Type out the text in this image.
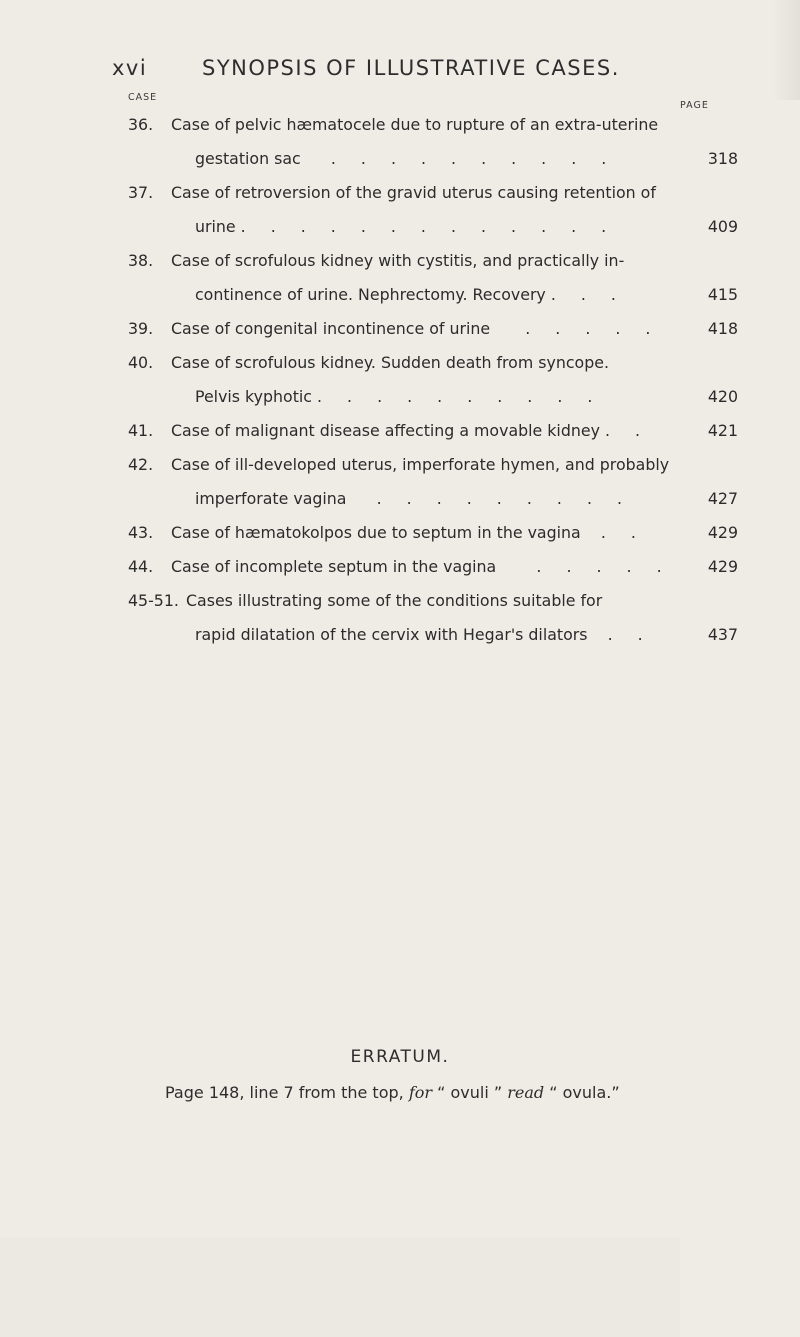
xvi	SYNOPSIS OF ILLUSTRATIVE CASES.
CASE
PAGE
36. Case of pelvic hæmatocele due to rupture of an extra-uterine
gestation sac . . . . . . . . . .	318
37. Case of retroversion of the gravid uterus causing retention of
urine . . . . . . . . . . . . .	409
38. Case of scrofulous kidney with cystitis, and practically in-
continence of urine. Nephrectomy. Recovery . . .	415
39. Case of congenital incontinence of urine . . . . .	418
40. Case of scrofulous kidney. Sudden death from syncope.
Pelvis kyphotic . . . . . . . . . .	420
41. Case of malignant disease affecting a movable kidney . .	421
42. Case of ill-developed uterus, imperforate hymen, and probably
imperforate vagina . . . . . . . . .	427
43. Case of hæmatokolpos due to septum in the vagina . .	429
44. Case of incomplete septum in the vagina	. . . . . 429
45-51. Cases illustrating some of the conditions suitable for
rapid dilatation of the cervix with Hegar's dilators . .	437
ERRATUM.
Page 148, line 7 from the top, for “ ovuli ” read “ ovula.”
